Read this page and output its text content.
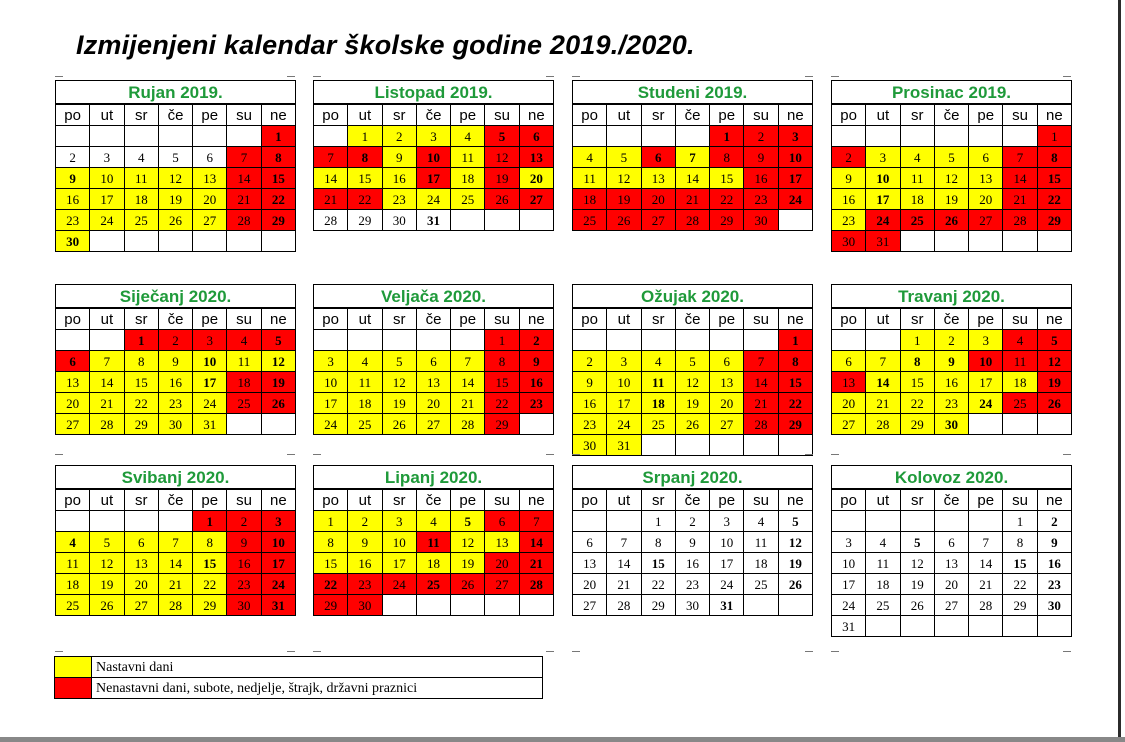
Izmijenjeni kalendar školske godine 2019./2020.
Rujan 2019.
po	ut	sr	če	pe	su	ne
						1
2	3	4	5	6	7	8
9	10	11	12	13	14	15
16	17	18	19	20	21	22
23	24	25	26	27	28	29
30						
Listopad 2019.
po	ut	sr	če	pe	su	ne
	1	2	3	4	5	6
7	8	9	10	11	12	13
14	15	16	17	18	19	20
21	22	23	24	25	26	27
28	29	30	31			
Studeni 2019.
po	ut	sr	če	pe	su	ne
				1	2	3
4	5	6	7	8	9	10
11	12	13	14	15	16	17
18	19	20	21	22	23	24
25	26	27	28	29	30	
Prosinac 2019.
po	ut	sr	če	pe	su	ne
						1
2	3	4	5	6	7	8
9	10	11	12	13	14	15
16	17	18	19	20	21	22
23	24	25	26	27	28	29
30	31					
Siječanj 2020.
po	ut	sr	če	pe	su	ne
		1	2	3	4	5
6	7	8	9	10	11	12
13	14	15	16	17	18	19
20	21	22	23	24	25	26
27	28	29	30	31		
Veljača 2020.
po	ut	sr	če	pe	su	ne
					1	2
3	4	5	6	7	8	9
10	11	12	13	14	15	16
17	18	19	20	21	22	23
24	25	26	27	28	29	
Ožujak 2020.
po	ut	sr	če	pe	su	ne
						1
2	3	4	5	6	7	8
9	10	11	12	13	14	15
16	17	18	19	20	21	22
23	24	25	26	27	28	29
30	31					
Travanj 2020.
po	ut	sr	če	pe	su	ne
		1	2	3	4	5
6	7	8	9	10	11	12
13	14	15	16	17	18	19
20	21	22	23	24	25	26
27	28	29	30			
Svibanj 2020.
po	ut	sr	če	pe	su	ne
				1	2	3
4	5	6	7	8	9	10
11	12	13	14	15	16	17
18	19	20	21	22	23	24
25	26	27	28	29	30	31
Lipanj 2020.
po	ut	sr	če	pe	su	ne
1	2	3	4	5	6	7
8	9	10	11	12	13	14
15	16	17	18	19	20	21
22	23	24	25	26	27	28
29	30					
Srpanj 2020.
po	ut	sr	če	pe	su	ne
		1	2	3	4	5
6	7	8	9	10	11	12
13	14	15	16	17	18	19
20	21	22	23	24	25	26
27	28	29	30	31		
Kolovoz 2020.
po	ut	sr	če	pe	su	ne
					1	2
3	4	5	6	7	8	9
10	11	12	13	14	15	16
17	18	19	20	21	22	23
24	25	26	27	28	29	30
31						
	Nastavni dani
	Nenastavni dani, subote, nedjelje, štrajk, državni praznici
